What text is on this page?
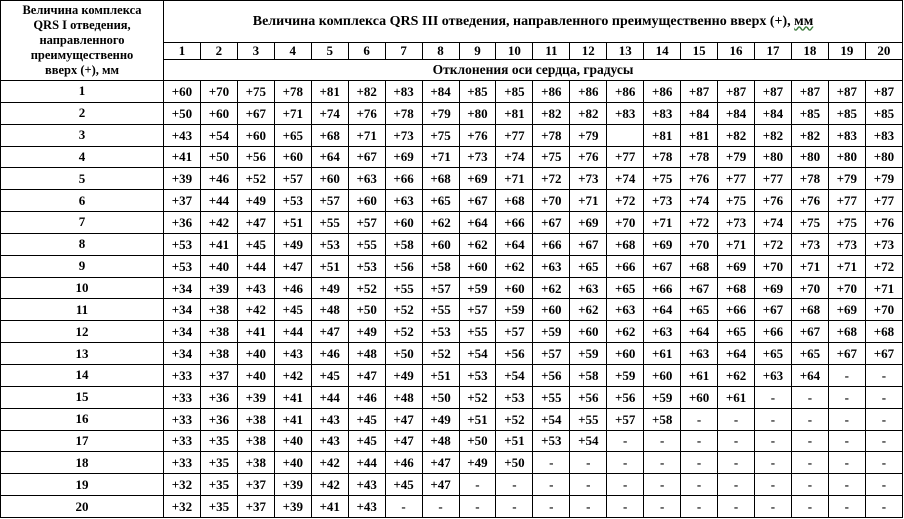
Величина комплекса
QRS I отведения,
направленного
преимущественно
вверх (+), мм	Величина комплекса QRS III отведения, направленного преимущественно вверх (+), мм																			
	1	2	3	4	5	6	7	8	9	10	11	12	13	14	15	16	17	18	19	20
	Отклонения оси сердца, градусы																			
1	+60	+70	+75	+78	+81	+82	+83	+84	+85	+85	+86	+86	+86	+86	+87	+87	+87	+87	+87	+87
2	+50	+60	+67	+71	+74	+76	+78	+79	+80	+81	+82	+82	+83	+83	+84	+84	+84	+85	+85	+85
3	+43	+54	+60	+65	+68	+71	+73	+75	+76	+77	+78	+79		+81	+81	+82	+82	+82	+83	+83
4	+41	+50	+56	+60	+64	+67	+69	+71	+73	+74	+75	+76	+77	+78	+78	+79	+80	+80	+80	+80
5	+39	+46	+52	+57	+60	+63	+66	+68	+69	+71	+72	+73	+74	+75	+76	+77	+77	+78	+79	+79
6	+37	+44	+49	+53	+57	+60	+63	+65	+67	+68	+70	+71	+72	+73	+74	+75	+76	+76	+77	+77
7	+36	+42	+47	+51	+55	+57	+60	+62	+64	+66	+67	+69	+70	+71	+72	+73	+74	+75	+75	+76
8	+53	+41	+45	+49	+53	+55	+58	+60	+62	+64	+66	+67	+68	+69	+70	+71	+72	+73	+73	+73
9	+53	+40	+44	+47	+51	+53	+56	+58	+60	+62	+63	+65	+66	+67	+68	+69	+70	+71	+71	+72
10	+34	+39	+43	+46	+49	+52	+55	+57	+59	+60	+62	+63	+65	+66	+67	+68	+69	+70	+70	+71
11	+34	+38	+42	+45	+48	+50	+52	+55	+57	+59	+60	+62	+63	+64	+65	+66	+67	+68	+69	+70
12	+34	+38	+41	+44	+47	+49	+52	+53	+55	+57	+59	+60	+62	+63	+64	+65	+66	+67	+68	+68
13	+34	+38	+40	+43	+46	+48	+50	+52	+54	+56	+57	+59	+60	+61	+63	+64	+65	+65	+67	+67
14	+33	+37	+40	+42	+45	+47	+49	+51	+53	+54	+56	+58	+59	+60	+61	+62	+63	+64	-	-
15	+33	+36	+39	+41	+44	+46	+48	+50	+52	+53	+55	+56	+56	+59	+60	+61	-	-	-	-
16	+33	+36	+38	+41	+43	+45	+47	+49	+51	+52	+54	+55	+57	+58	-	-	-	-	-	-
17	+33	+35	+38	+40	+43	+45	+47	+48	+50	+51	+53	+54	-	-	-	-	-	-	-	-
18	+33	+35	+38	+40	+42	+44	+46	+47	+49	+50	-	-	-	-	-	-	-	-	-	-
19	+32	+35	+37	+39	+42	+43	+45	+47	-	-	-	-	-	-	-	-	-	-	-	-
20	+32	+35	+37	+39	+41	+43	-	-	-	-	-	-	-	-	-	-	-	-	-	-
